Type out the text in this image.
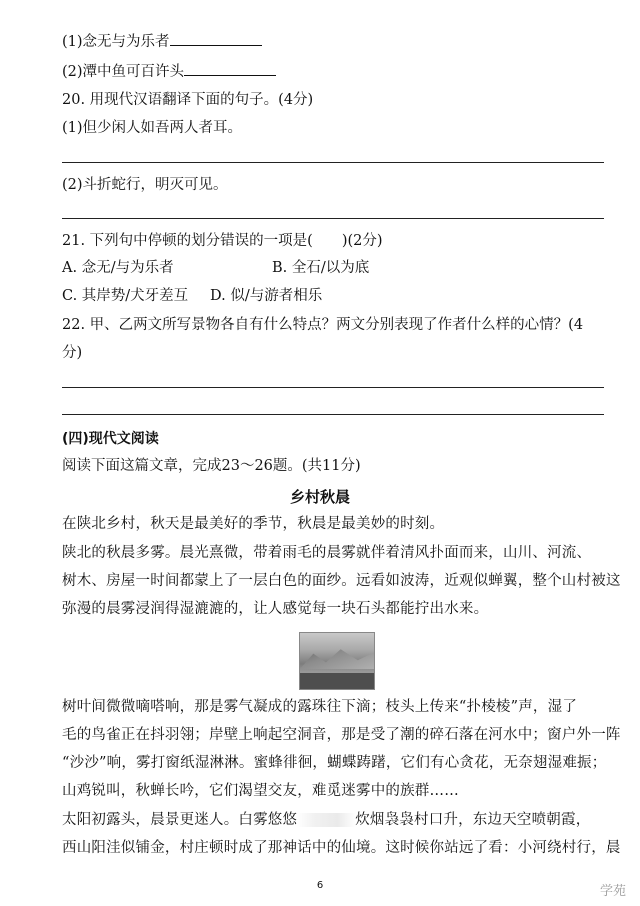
(1)念无与为乐者
(2)潭中鱼可百许头
20. 用现代汉语翻译下面的句子。(4分)
(1)但少闲人如吾两人者耳。
(2)斗折蛇行，明灭可见。
21. 下列句中停顿的划分错误的一项是(　　)(2分)
A. 念无/与为乐者	B. 全石/以为底
C. 其岸势/犬牙差互 D. 似/与游者相乐
22. 甲、乙两文所写景物各自有什么特点？两文分别表现了作者什么样的心情？(4
分)
(四)现代文阅读
阅读下面这篇文章，完成23～26题。(共11分)
乡村秋晨
在陕北乡村，秋天是最美好的季节，秋晨是最美妙的时刻。
陕北的秋晨多雾。晨光熹微，带着雨毛的晨雾就伴着清风扑面而来，山川、河流、
树木、房屋一时间都蒙上了一层白色的面纱。远看如波涛，近观似蝉翼，整个山村被这
弥漫的晨雾浸润得湿漉漉的，让人感觉每一块石头都能拧出水来。
树叶间微微嘀嗒响，那是雾气凝成的露珠往下滴；枝头上传来“扑棱棱”声，湿了
毛的鸟雀正在抖羽翎；岸壁上响起空洞音，那是受了潮的碎石落在河水中；窗户外一阵
“沙沙”响，雾打窗纸湿淋淋。蜜蜂徘徊，蝴蝶踌躇，它们有心贪花，无奈翅湿难振；
山鸡锐叫，秋蝉长吟，它们渴望交友，难觅迷雾中的族群……
太阳初露头，晨景更迷人。白雾悠悠	炊烟袅袅村口升，东边天空喷朝霞，
西山阳洼似铺金，村庄顿时成了那神话中的仙境。这时候你站远了看：小河绕村行，晨
6	学苑
